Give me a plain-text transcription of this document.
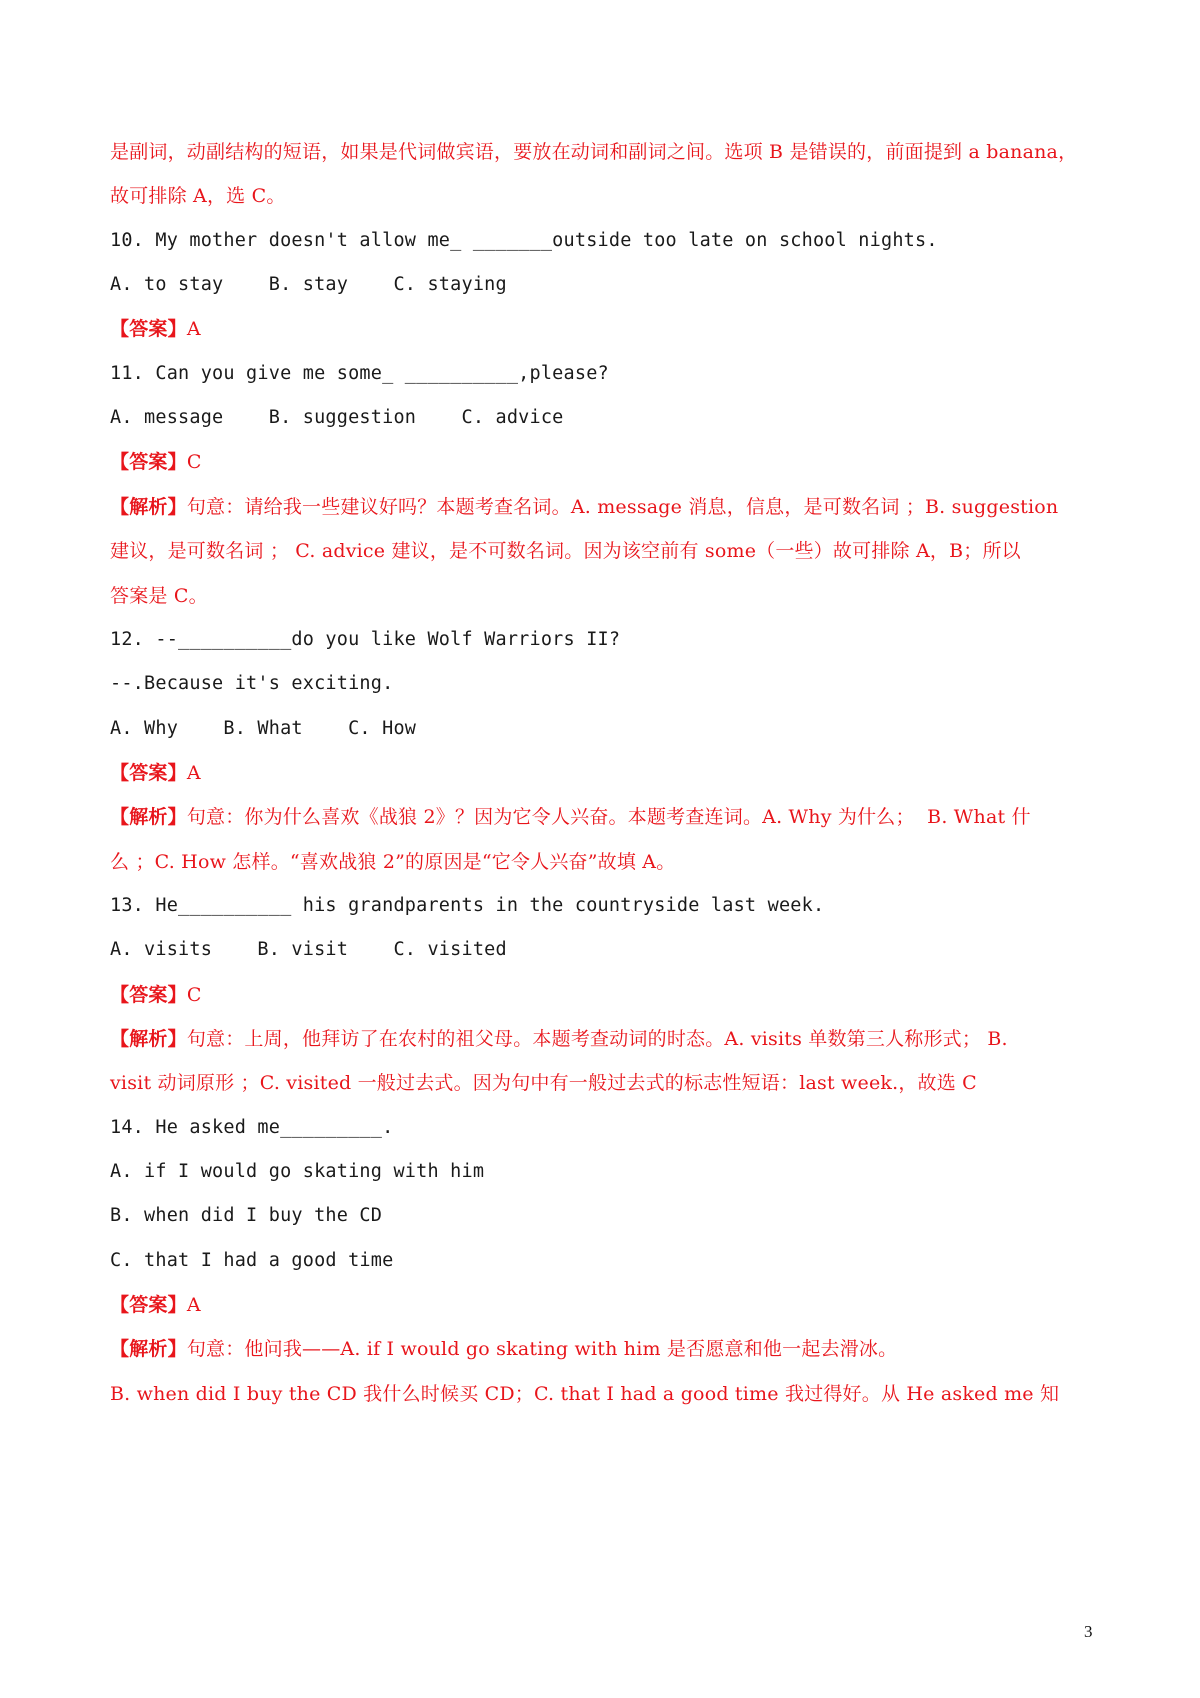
是副词，动副结构的短语，如果是代词做宾语，要放在动词和副词之间。选项 B 是错误的，前面提到 a banana，
故可排除 A，选 C。
10. My mother doesn't allow me_ _______outside too late on school nights.
A. to stay    B. stay    C. staying
【答案】A
11. Can you give me some_ __________,please?
A. message    B. suggestion    C. advice
【答案】C
【解析】句意：请给我一些建议好吗？本题考查名词。A. message 消息，信息，是可数名词 ；B. suggestion
建议，是可数名词 ； C. advice 建议，是不可数名词。因为该空前有 some（一些）故可排除 A，B；所以
答案是 C。
12. --__________do you like Wolf Warriors II?
--.Because it's exciting.
A. Why    B. What    C. How
【答案】A
【解析】句意：你为什么喜欢《战狼 2》？因为它令人兴奋。本题考查连词。A. Why 为什么；  B. What 什
么 ；C. How 怎样。“喜欢战狼 2”的原因是“它令人兴奋”故填 A。
13. He__________ his grandparents in the countryside last week.
A. visits    B. visit    C. visited
【答案】C
【解析】句意：上周，他拜访了在农村的祖父母。本题考查动词的时态。A. visits 单数第三人称形式； B.
visit 动词原形 ；C. visited 一般过去式。因为句中有一般过去式的标志性短语：last week.，故选 C
14. He asked me_________.
A. if I would go skating with him
B. when did I buy the CD
C. that I had a good time
【答案】A
【解析】句意：他问我——A. if I would go skating with him 是否愿意和他一起去滑冰。
B. when did I buy the CD 我什么时候买 CD；C. that I had a good time 我过得好。从 He asked me 知
3
